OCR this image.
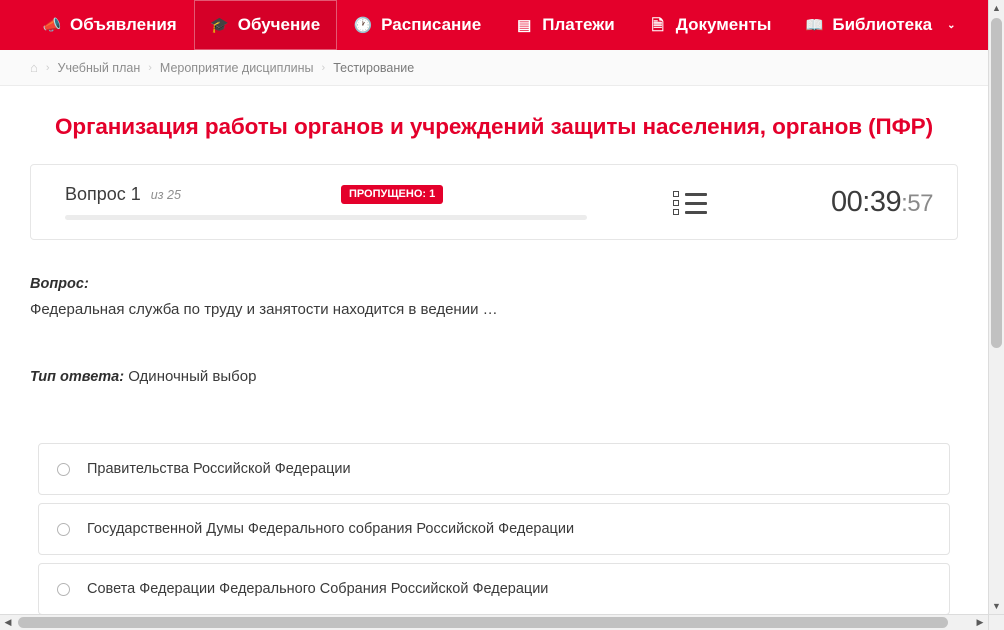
📣 Объявления 🎓 Обучение 🕐 Расписание ▤ Платежи 🗎 Документы 📖 Библиотека ⌄
⌂ › Учебный план › Мероприятие дисциплины › Тестирование
Организация работы органов и учреждений защиты населения, органов (ПФР)
Вопрос 1 из 25	ПРОПУЩЕНО: 1	00:39:57
Вопрос:
Федеральная служба по труду и занятости находится в ведении …
Тип ответа: Одиночный выбор
Правительства Российской Федерации
Государственной Думы Федерального собрания Российской Федерации
Совета Федерации Федерального Собрания Российской Федерации
▲
▼
◀	▶
